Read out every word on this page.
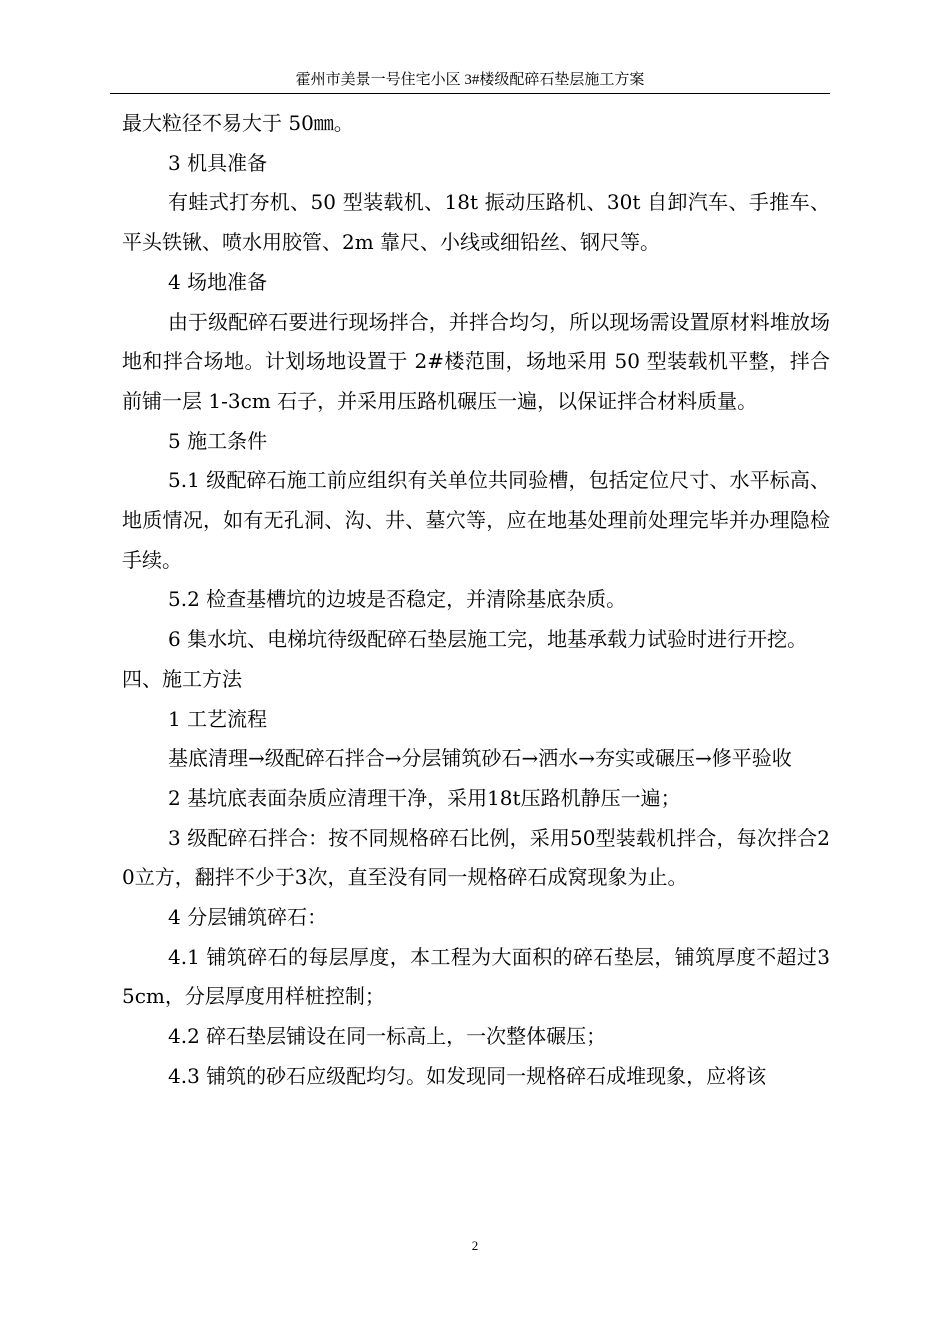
霍州市美景一号住宅小区 3#楼级配碎石垫层施工方案

最大粒径不易大于 50㎜。

3 机具准备

有蛙式打夯机、50 型装载机、18t 振动压路机、30t 自卸汽车、手推车、平头铁锹、喷水用胶管、2m 靠尺、小线或细铅丝、钢尺等。

4 场地准备

由于级配碎石要进行现场拌合，并拌合均匀，所以现场需设置原材料堆放场地和拌合场地。计划场地设置于 2#楼范围，场地采用 50 型装载机平整，拌合前铺一层 1-3cm 石子，并采用压路机碾压一遍，以保证拌合材料质量。

5 施工条件

5.1 级配碎石施工前应组织有关单位共同验槽，包括定位尺寸、水平标高、地质情况，如有无孔洞、沟、井、墓穴等，应在地基处理前处理完毕并办理隐检手续。

5.2 检查基槽坑的边坡是否稳定，并清除基底杂质。

6 集水坑、电梯坑待级配碎石垫层施工完，地基承载力试验时进行开挖。

四、施工方法

1 工艺流程

基底清理→级配碎石拌合→分层铺筑砂石→洒水→夯实或碾压→修平验收

2 基坑底表面杂质应清理干净，采用18t压路机静压一遍；

3 级配碎石拌合：按不同规格碎石比例，采用50型装载机拌合，每次拌合20立方，翻拌不少于3次，直至没有同一规格碎石成窝现象为止。

4 分层铺筑碎石：

4.1 铺筑碎石的每层厚度，本工程为大面积的碎石垫层，铺筑厚度不超过35cm，分层厚度用样桩控制；

4.2 碎石垫层铺设在同一标高上，一次整体碾压；

4.3 铺筑的砂石应级配均匀。如发现同一规格碎石成堆现象，应将该

2
